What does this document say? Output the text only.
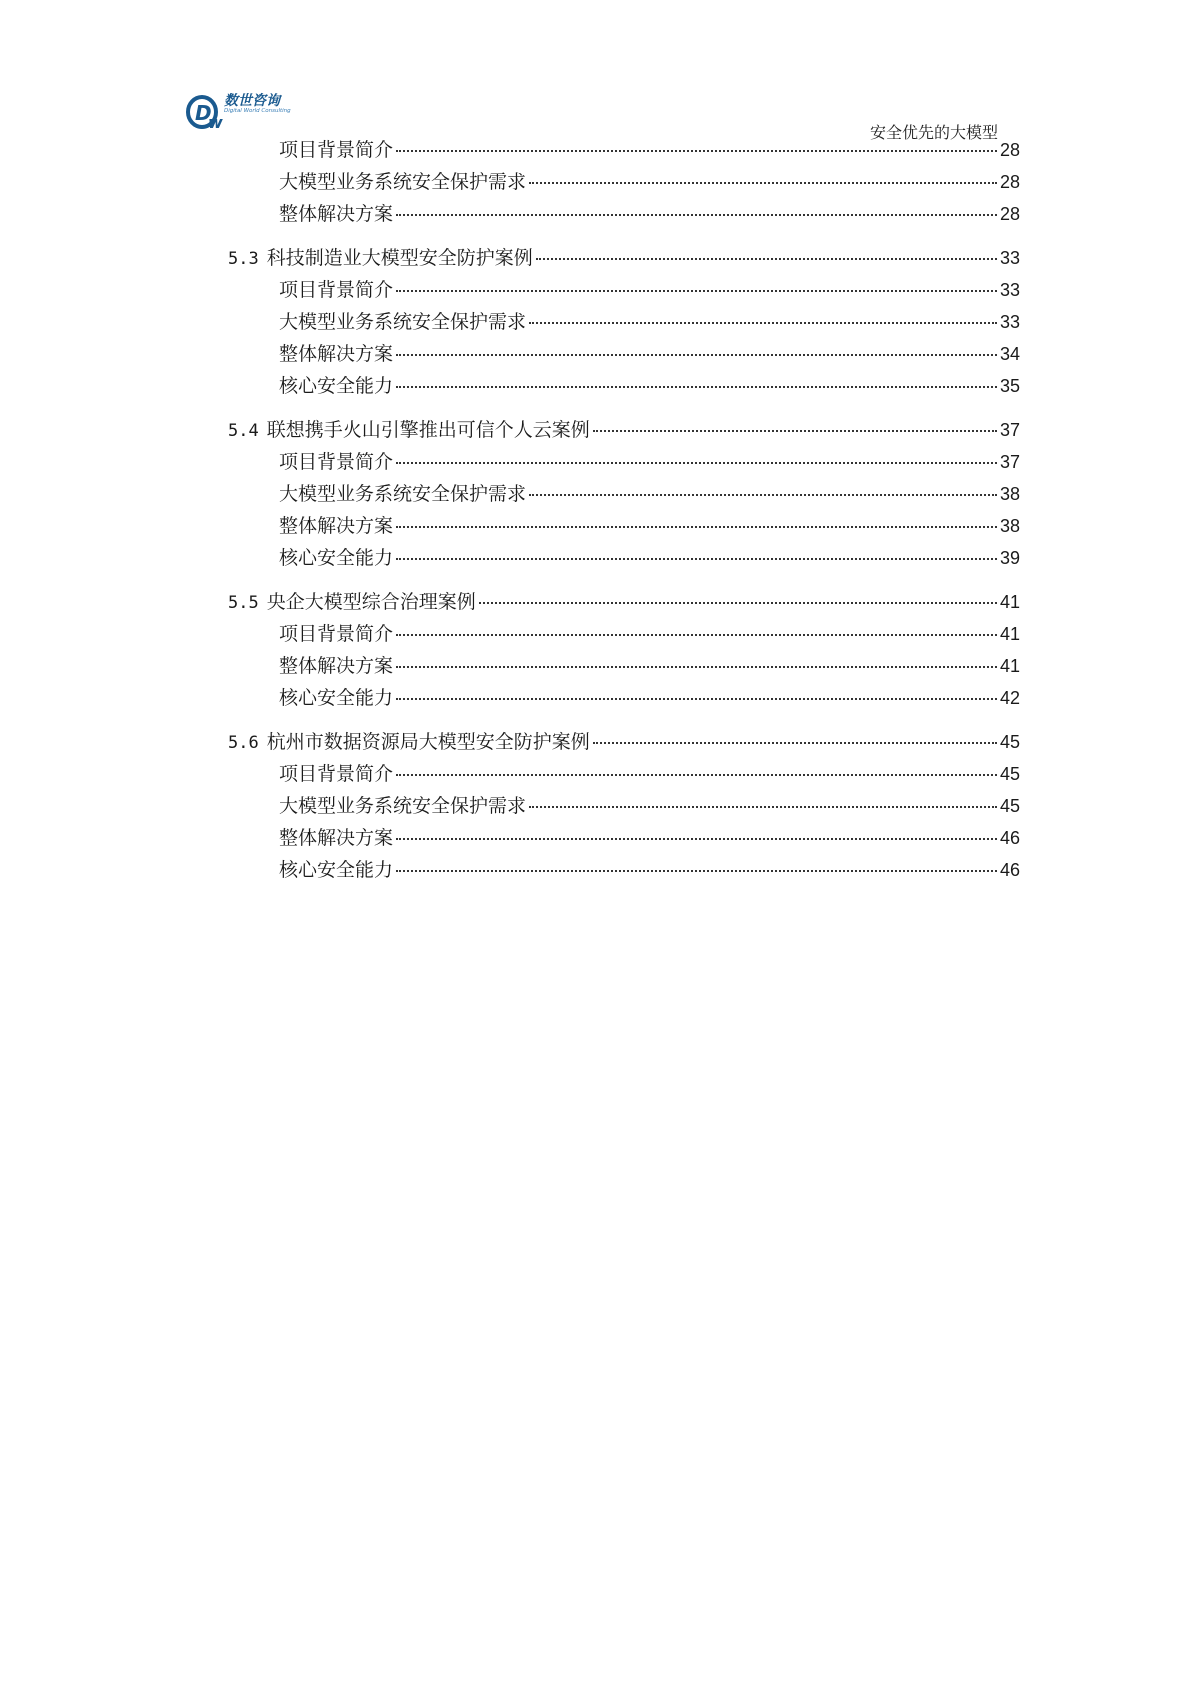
D
w
数世咨询
Digital World Consulting
安全优先的大模型
项目背景简介	28
大模型业务系统安全保护需求	28
整体解决方案	28
5.3 科技制造业大模型安全防护案例	33
项目背景简介	33
大模型业务系统安全保护需求	33
整体解决方案	34
核心安全能力	35
5.4 联想携手火山引擎推出可信个人云案例	37
项目背景简介	37
大模型业务系统安全保护需求	38
整体解决方案	38
核心安全能力	39
5.5 央企大模型综合治理案例	41
项目背景简介	41
整体解决方案	41
核心安全能力	42
5.6 杭州市数据资源局大模型安全防护案例	45
项目背景简介	45
大模型业务系统安全保护需求	45
整体解决方案	46
核心安全能力	46
